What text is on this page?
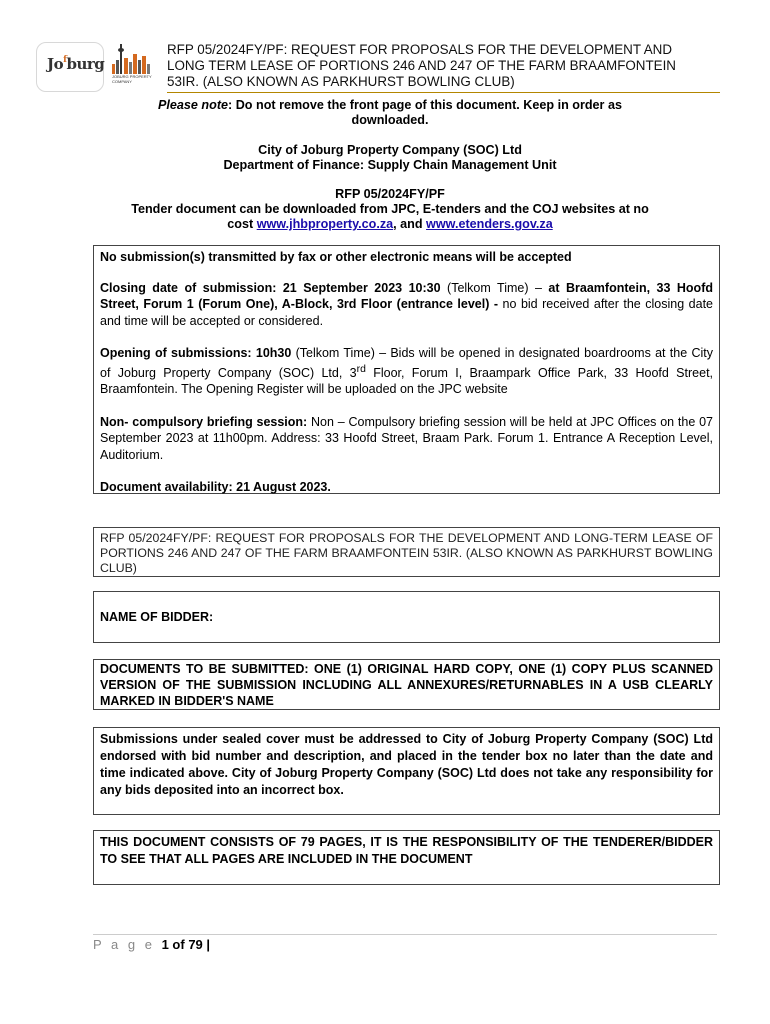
Jo$^f$burg
JOBURG PROPERTY COMPANY
RFP 05/2024FY/PF: REQUEST FOR PROPOSALS FOR THE DEVELOPMENT AND
LONG TERM LEASE OF PORTIONS 246 AND 247 OF THE FARM BRAAMFONTEIN
53IR. (ALSO KNOWN AS PARKHURST BOWLING CLUB)
Please note: Do not remove the front page of this document. Keep in order as
downloaded.
City of Joburg Property Company (SOC) Ltd
Department of Finance: Supply Chain Management Unit
RFP 05/2024FY/PF
Tender document can be downloaded from JPC, E-tenders and the COJ websites at no
cost www.jhbproperty.co.za, and www.etenders.gov.za

No submission(s) transmitted by fax or other electronic means will be accepted

Closing date of submission: 21 September 2023 10:30 (Telkom Time) – at Braamfontein, 33 Hoofd Street, Forum 1 (Forum One), A-Block, 3rd Floor (entrance level) - no bid received after the closing date and time will be accepted or considered.

Opening of submissions: 10h30 (Telkom Time) – Bids will be opened in designated boardrooms at the City of Joburg Property Company (SOC) Ltd, 3rd Floor, Forum I, Braampark Office Park, 33 Hoofd Street, Braamfontein. The Opening Register will be uploaded on the JPC website

Non- compulsory briefing session: Non – Compulsory briefing session will be held at JPC Offices on the 07 September 2023 at 11h00pm. Address: 33 Hoofd Street, Braam Park. Forum 1. Entrance A Reception Level, Auditorium.

Document availability: 21 August 2023.

RFP 05/2024FY/PF: REQUEST FOR PROPOSALS FOR THE DEVELOPMENT AND LONG-TERM LEASE OF PORTIONS 246 AND 247 OF THE FARM BRAAMFONTEIN 53IR. (ALSO KNOWN AS PARKHURST BOWLING CLUB)
NAME OF BIDDER:
DOCUMENTS TO BE SUBMITTED: ONE (1) ORIGINAL HARD COPY, ONE (1) COPY PLUS SCANNED VERSION OF THE SUBMISSION INCLUDING ALL ANNEXURES/RETURNABLES IN A USB CLEARLY MARKED IN BIDDER'S NAME
Submissions under sealed cover must be addressed to City of Joburg Property Company (SOC) Ltd endorsed with bid number and description, and placed in the tender box no later than the date and time indicated above. City of Joburg Property Company (SOC) Ltd does not take any responsibility for any bids deposited into an incorrect box.
THIS DOCUMENT CONSISTS OF 79 PAGES, IT IS THE RESPONSIBILITY OF THE TENDERER/BIDDER TO SEE THAT ALL PAGES ARE INCLUDED IN THE DOCUMENT
P a g e 1 of 79 |
